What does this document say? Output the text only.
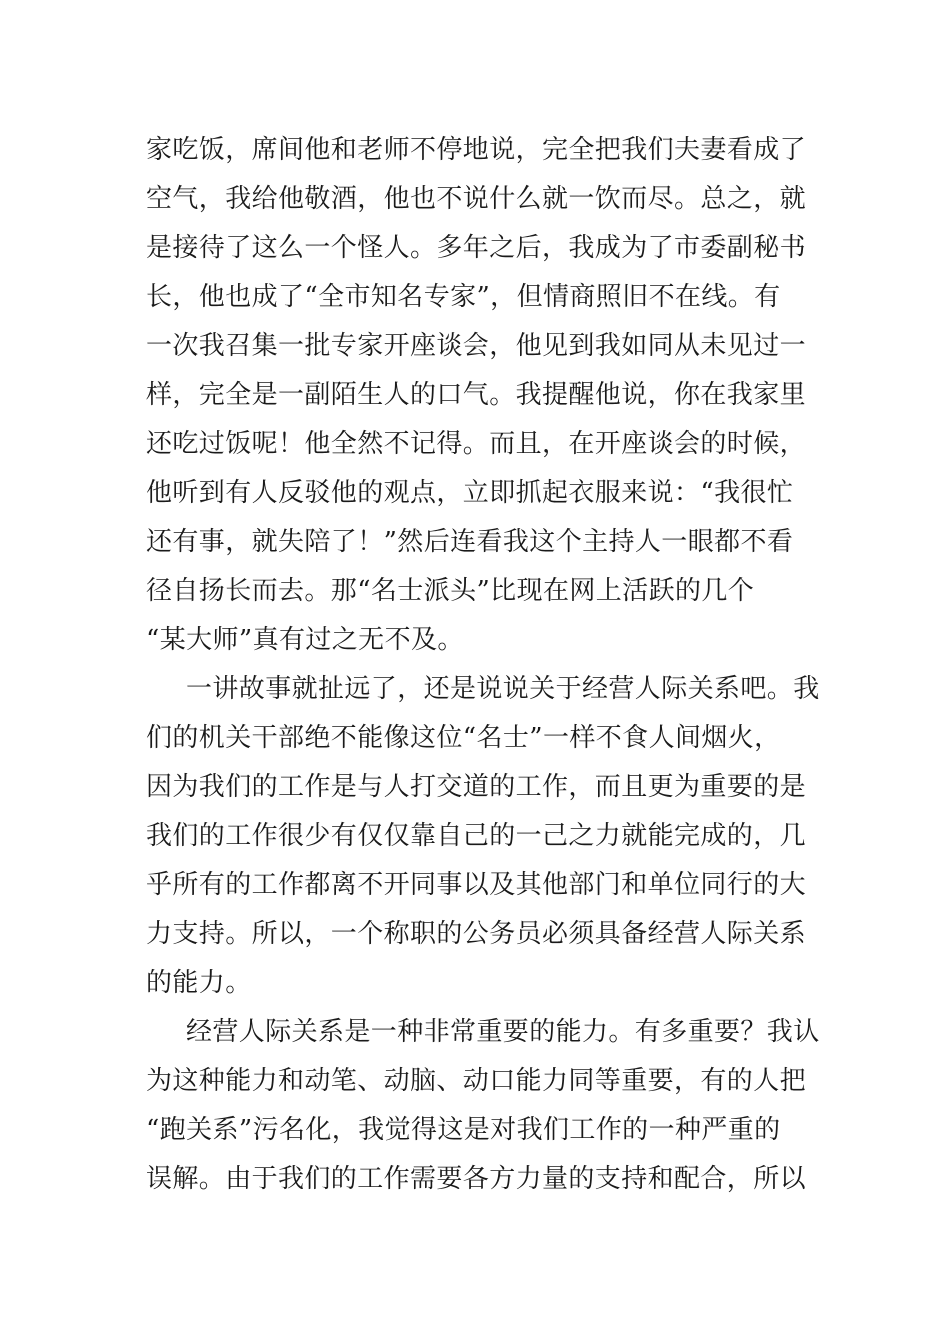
家吃饭，席间他和老师不停地说，完全把我们夫妻看成了
空气，我给他敬酒，他也不说什么就一饮而尽。总之，就
是接待了这么一个怪人。多年之后，我成为了市委副秘书
长，他也成了“全市知名专家”，但情商照旧不在线。有
一次我召集一批专家开座谈会，他见到我如同从未见过一
样，完全是一副陌生人的口气。我提醒他说，你在我家里
还吃过饭呢！他全然不记得。而且，在开座谈会的时候，
他听到有人反驳他的观点，立即抓起衣服来说：“我很忙
还有事，就失陪了！”然后连看我这个主持人一眼都不看
径自扬长而去。那“名士派头”比现在网上活跃的几个
“某大师”真有过之无不及。
一讲故事就扯远了，还是说说关于经营人际关系吧。我
们的机关干部绝不能像这位“名士”一样不食人间烟火，
因为我们的工作是与人打交道的工作，而且更为重要的是
我们的工作很少有仅仅靠自己的一己之力就能完成的，几
乎所有的工作都离不开同事以及其他部门和单位同行的大
力支持。所以，一个称职的公务员必须具备经营人际关系
的能力。
经营人际关系是一种非常重要的能力。有多重要？我认
为这种能力和动笔、动脑、动口能力同等重要，有的人把
“跑关系”污名化，我觉得这是对我们工作的一种严重的
误解。由于我们的工作需要各方力量的支持和配合，所以
